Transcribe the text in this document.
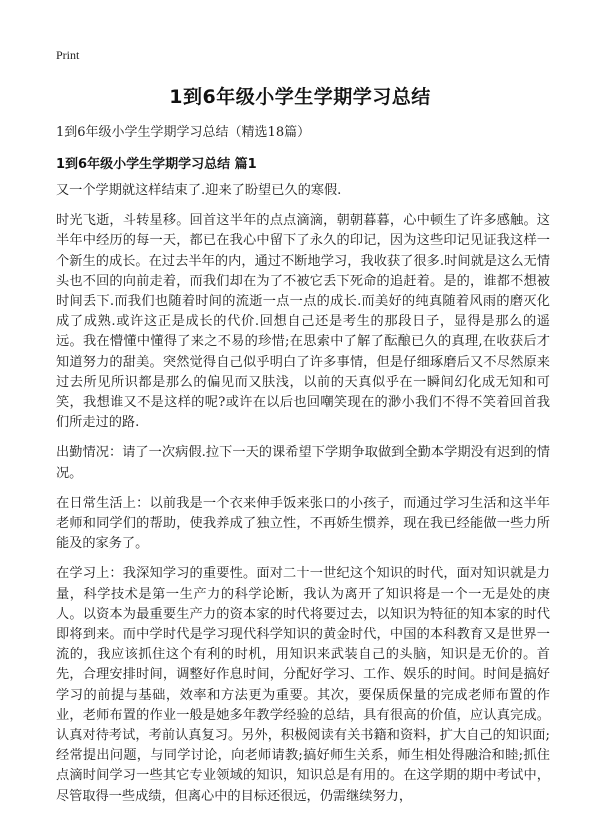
Print
1到6年级小学生学期学习总结
1到6年级小学生学期学习总结（精选18篇）
1到6年级小学生学期学习总结 篇1

又一个学期就这样结束了.迎来了盼望已久的寒假.

时光飞逝，斗转星移。回首这半年的点点滴滴，朝朝暮暮，心中顿生了许多感触。这半年中经历的每一天，都已在我心中留下了永久的印记，因为这些印记见证我这样一个新生的成长。在过去半年的内，通过不断地学习，我收获了很多.时间就是这么无情头也不回的向前走着，而我们却在为了不被它丢下死命的追赶着。是的，谁都不想被时间丢下.而我们也随着时间的流逝一点一点的成长.而美好的纯真随着风雨的磨灭化成了成熟.或许这正是成长的代价.回想自己还是考生的那段日子，显得是那么的遥远。我在懵懂中懂得了来之不易的珍惜;在思索中了解了酝酿已久的真理,在收获后才知道努力的甜美。突然觉得自己似乎明白了许多事情，但是仔细琢磨后又不尽然原来过去所见所识都是那么的偏见而又肤浅，以前的天真似乎在一瞬间幻化成无知和可笑，我想谁又不是这样的呢?或许在以后也回嘲笑现在的渺小我们不得不笑着回首我们所走过的路.

出勤情况：请了一次病假.拉下一天的课希望下学期争取做到全勤本学期没有迟到的情况。

在日常生活上：以前我是一个衣来伸手饭来张口的小孩子，而通过学习生活和这半年老师和同学们的帮助，使我养成了独立性，不再娇生惯养，现在我已经能做一些力所能及的家务了。

在学习上：我深知学习的重要性。面对二十一世纪这个知识的时代，面对知识就是力量，科学技术是第一生产力的科学论断，我认为离开了知识将是一个一无是处的庚人。以资本为最重要生产力的资本家的时代将要过去，以知识为特征的知本家的时代即将到来。而中学时代是学习现代科学知识的黄金时代，中国的本科教育又是世界一流的，我应该抓住这个有利的时机，用知识来武装自己的头脑，知识是无价的。首先，合理安排时间，调整好作息时间，分配好学习、工作、娱乐的时间。时间是搞好学习的前提与基础，效率和方法更为重要。其次，要保质保量的完成老师布置的作业，老师布置的作业一般是她多年教学经验的总结，具有很高的价值，应认真完成。认真对待考试，考前认真复习。另外，积极阅读有关书籍和资料，扩大自己的知识面;经常提出问题，与同学讨论，向老师请教;搞好师生关系，师生相处得融洽和睦;抓住点滴时间学习一些其它专业领域的知识，知识总是有用的。在这学期的期中考试中，尽管取得一些成绩，但离心中的目标还很远，仍需继续努力，
